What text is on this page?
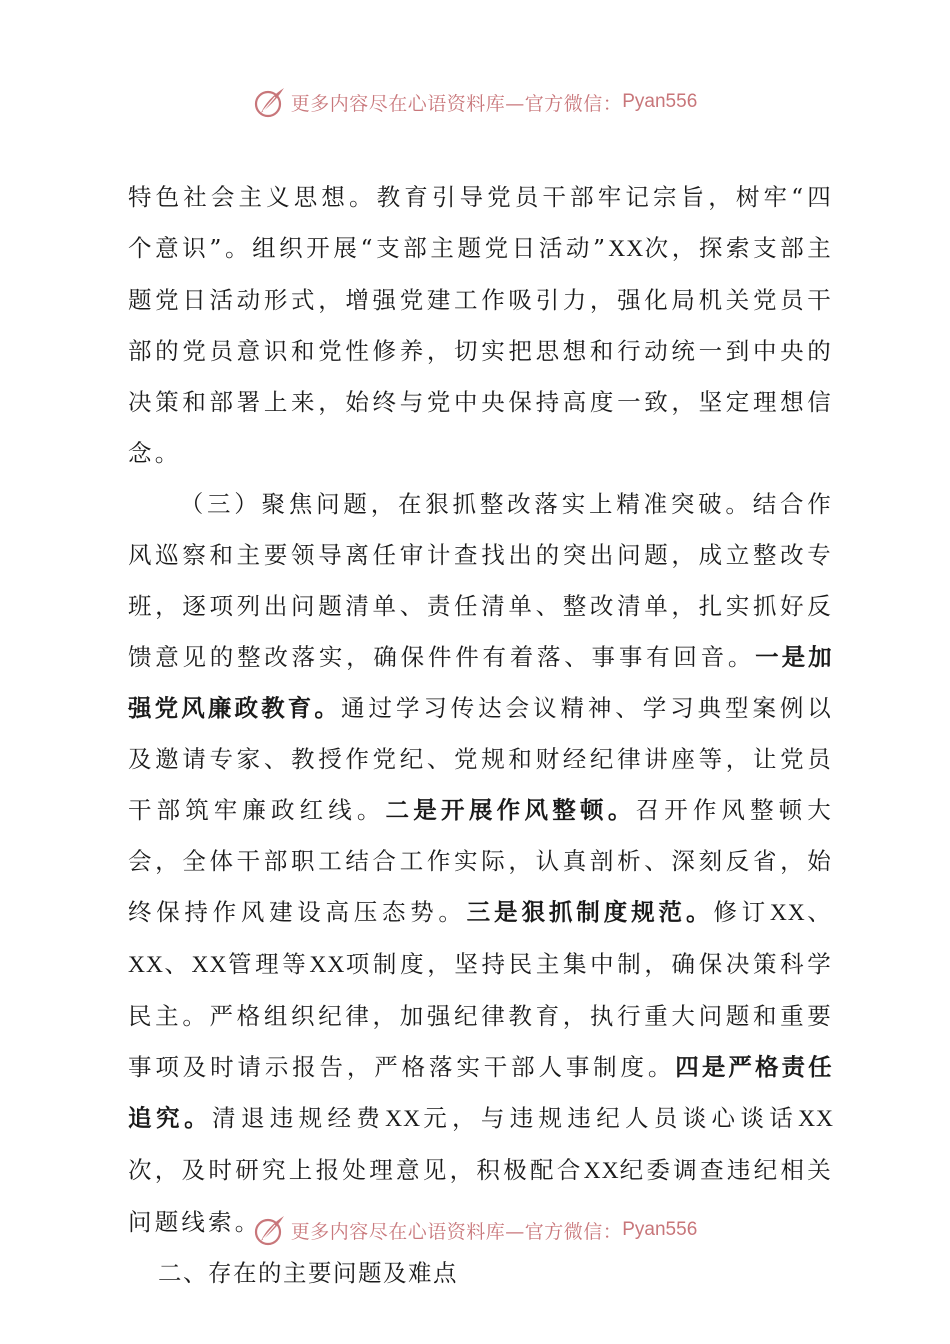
更多内容尽在心语资料库—官方微信： Pyan556

特色社会主义思想。教育引导党员干部牢记宗旨，树牢“四个意识”。组织开展“支部主题党日活动”XX次，探索支部主题党日活动形式，增强党建工作吸引力，强化局机关党员干部的党员意识和党性修养，切实把思想和行动统一到中央的决策和部署上来，始终与党中央保持高度一致，坚定理想信念。

（三）聚焦问题，在狠抓整改落实上精准突破。结合作风巡察和主要领导离任审计查找出的突出问题，成立整改专班，逐项列出问题清单、责任清单、整改清单，扎实抓好反馈意见的整改落实，确保件件有着落、事事有回音。一是加强党风廉政教育。通过学习传达会议精神、学习典型案例以及邀请专家、教授作党纪、党规和财经纪律讲座等，让党员干部筑牢廉政红线。二是开展作风整顿。召开作风整顿大会，全体干部职工结合工作实际，认真剖析、深刻反省，始终保持作风建设高压态势。三是狠抓制度规范。修订XX、XX、XX管理等XX项制度，坚持民主集中制，确保决策科学民主。严格组织纪律，加强纪律教育，执行重大问题和重要事项及时请示报告，严格落实干部人事制度。四是严格责任追究。清退违规经费XX元，与违规违纪人员谈心谈话XX次，及时研究上报处理意见，积极配合XX纪委调查违纪相关问题线索。

二、存在的主要问题及难点

更多内容尽在心语资料库—官方微信： Pyan556
